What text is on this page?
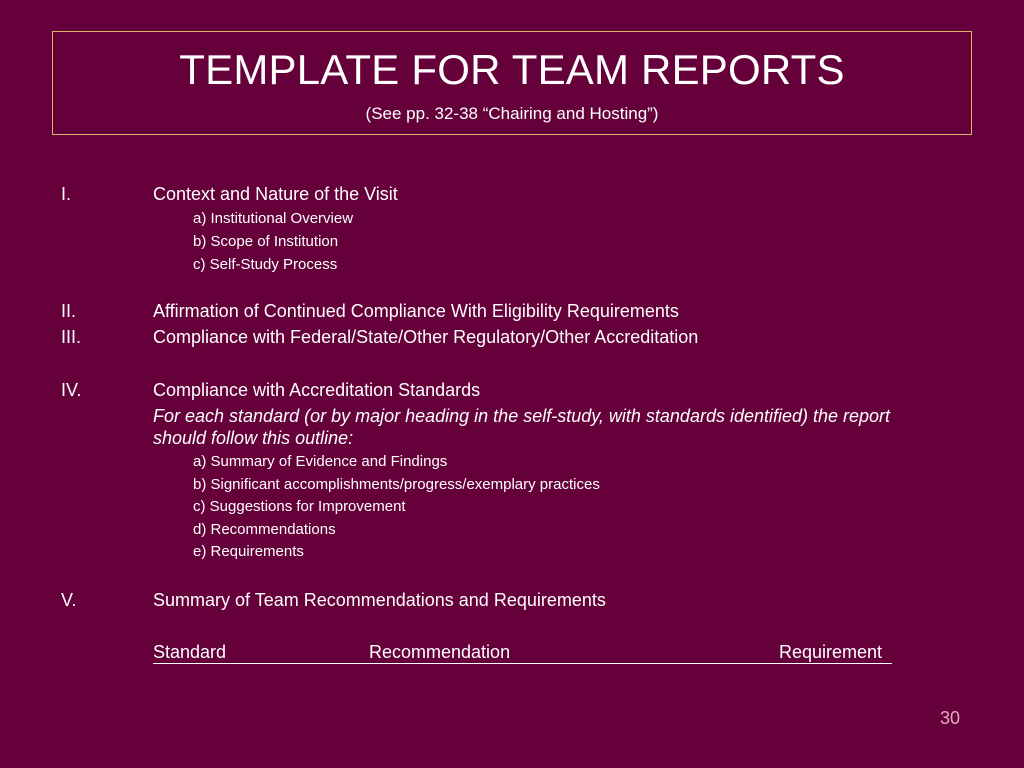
TEMPLATE FOR TEAM REPORTS
(See pp. 32-38 “Chairing and Hosting”)
I.	Context and Nature of the Visit
a) Institutional Overview
b) Scope of Institution
c) Self-Study Process
II.	Affirmation of Continued Compliance With Eligibility Requirements
III.	Compliance with Federal/State/Other Regulatory/Other Accreditation
IV.	Compliance with Accreditation Standards
For each standard (or by major heading in the self-study, with standards identified) the report should follow this outline:
a) Summary of Evidence and Findings
b) Significant accomplishments/progress/exemplary practices
c) Suggestions for Improvement
d) Recommendations
e) Requirements
V.	Summary of Team Recommendations and Requirements
Standard	Recommendation	Requirement
30
